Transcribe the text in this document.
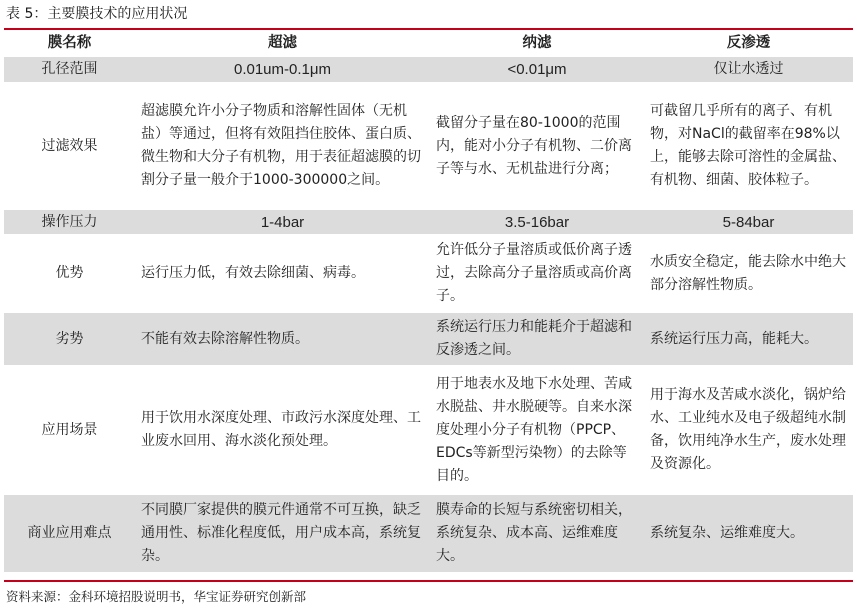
表 5：主要膜技术的应用状况
膜名称	超滤	纳滤	反渗透
孔径范围	0.01um-0.1μm	<0.01μm	仅让水透过
过滤效果	超滤膜允许小分子物质和溶解性固体（无机盐）等通过，但将有效阻挡住胶体、蛋白质、微生物和大分子有机物，用于表征超滤膜的切割分子量一般介于1000-300000之间。	截留分子量在80-1000的范围内，能对小分子有机物、二价离子等与水、无机盐进行分离；	可截留几乎所有的离子、有机物，对NaCl的截留率在98%以上，能够去除可溶性的金属盐、有机物、细菌、胶体粒子。
操作压力	1-4bar	3.5-16bar	5-84bar
优势	运行压力低，有效去除细菌、病毒。	允许低分子量溶质或低价离子透过，去除高分子量溶质或高价离子。	水质安全稳定，能去除水中绝大部分溶解性物质。
劣势	不能有效去除溶解性物质。	系统运行压力和能耗介于超滤和反渗透之间。	系统运行压力高，能耗大。
应用场景	用于饮用水深度处理、市政污水深度处理、工业废水回用、海水淡化预处理。	用于地表水及地下水处理、苦咸水脱盐、井水脱硬等。自来水深度处理小分子有机物（PPCP、EDCs等新型污染物）的去除等目的。	用于海水及苦咸水淡化，锅炉给水、工业纯水及电子级超纯水制备，饮用纯净水生产，废水处理及资源化。
商业应用难点	不同膜厂家提供的膜元件通常不可互换，缺乏通用性、标准化程度低，用户成本高，系统复杂。	膜寿命的长短与系统密切相关，系统复杂、成本高、运维难度大。	系统复杂、运维难度大。
资料来源：金科环境招股说明书，华宝证券研究创新部
